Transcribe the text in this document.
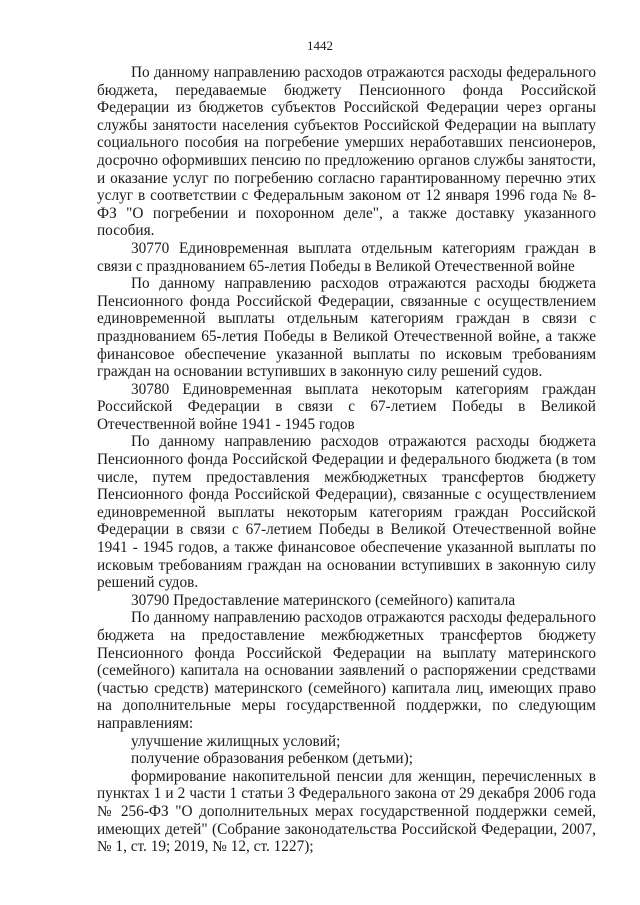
1442

По данному направлению расходов отражаются расходы федерального бюджета, передаваемые бюджету Пенсионного фонда Российской Федерации из бюджетов субъектов Российской Федерации через органы службы занятости населения субъектов Российской Федерации на выплату социального пособия на погребение умерших неработавших пенсионеров, досрочно оформивших пенсию по предложению органов службы занятости, и оказание услуг по погребению согласно гарантированному перечню этих услуг в соответствии с Федеральным законом от 12 января 1996 года № 8-ФЗ "О погребении и похоронном деле", а также доставку указанного пособия.

30770 Единовременная выплата отдельным категориям граждан в связи с празднованием 65-летия Победы в Великой Отечественной войне

По данному направлению расходов отражаются расходы бюджета Пенсионного фонда Российской Федерации, связанные с осуществлением единовременной выплаты отдельным категориям граждан в связи с празднованием 65-летия Победы в Великой Отечественной войне, а также финансовое обеспечение указанной выплаты по исковым требованиям граждан на основании вступивших в законную силу решений судов.

30780 Единовременная выплата некоторым категориям граждан Российской Федерации в связи с 67-летием Победы в Великой Отечественной войне 1941 - 1945 годов

По данному направлению расходов отражаются расходы бюджета Пенсионного фонда Российской Федерации и федерального бюджета (в том числе, путем предоставления межбюджетных трансфертов бюджету Пенсионного фонда Российской Федерации), связанные с осуществлением единовременной выплаты некоторым категориям граждан Российской Федерации в связи с 67-летием Победы в Великой Отечественной войне 1941 - 1945 годов, а также финансовое обеспечение указанной выплаты по исковым требованиям граждан на основании вступивших в законную силу решений судов.

30790 Предоставление материнского (семейного) капитала

По данному направлению расходов отражаются расходы федерального бюджета на предоставление межбюджетных трансфертов бюджету Пенсионного фонда Российской Федерации на выплату материнского (семейного) капитала на основании заявлений о распоряжении средствами (частью средств) материнского (семейного) капитала лиц, имеющих право на дополнительные меры государственной поддержки, по следующим направлениям:

улучшение жилищных условий;

получение образования ребенком (детьми);

формирование накопительной пенсии для женщин, перечисленных в пунктах 1 и 2 части 1 статьи 3 Федерального закона от 29 декабря 2006 года № 256-ФЗ "О дополнительных мерах государственной поддержки семей, имеющих детей" (Собрание законодательства Российской Федерации, 2007, № 1, ст. 19; 2019, № 12, ст. 1227);
